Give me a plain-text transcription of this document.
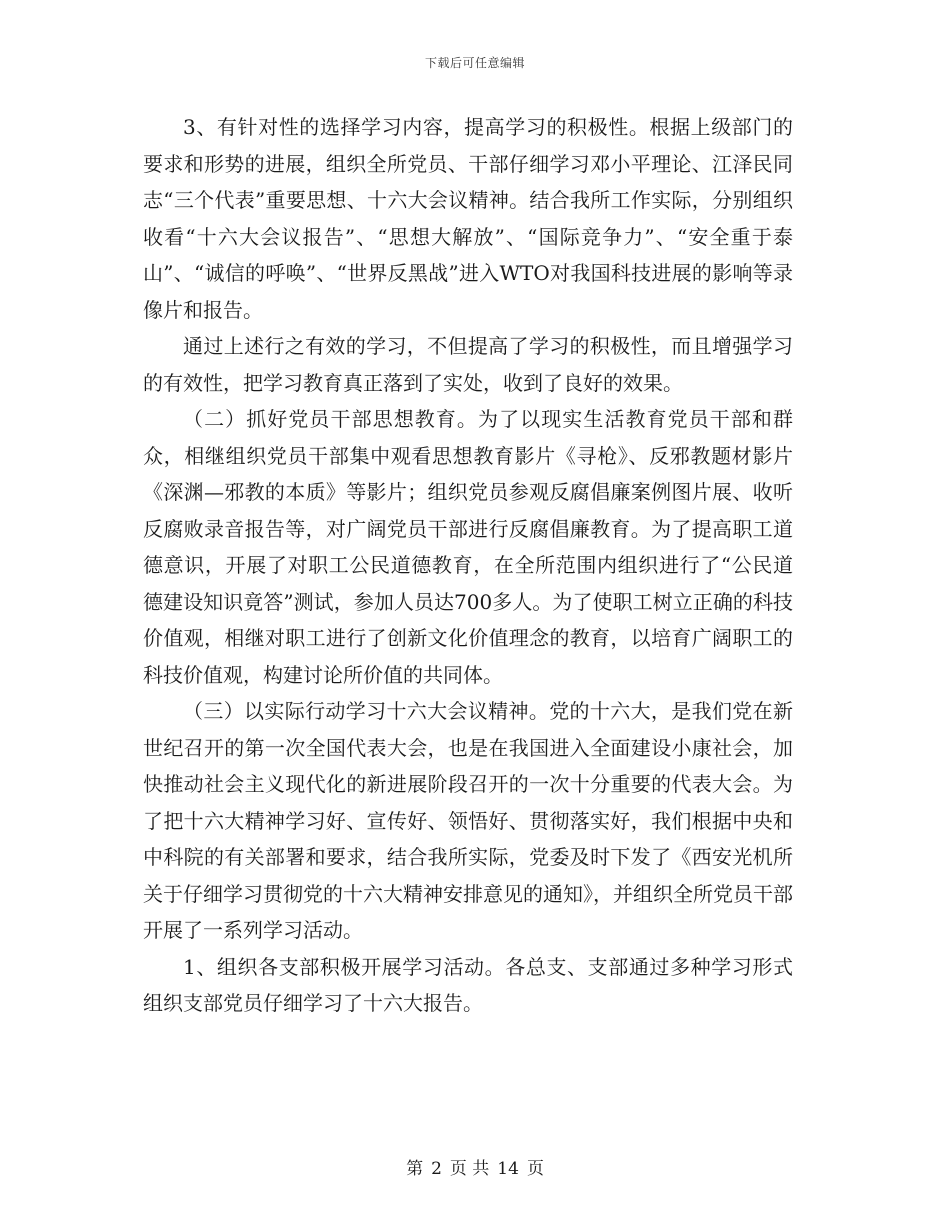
下载后可任意编辑

3、有针对性的选择学习内容，提高学习的积极性。根据上级部门的要求和形势的进展，组织全所党员、干部仔细学习邓小平理论、江泽民同志“三个代表”重要思想、十六大会议精神。结合我所工作实际，分别组织收看“十六大会议报告”、“思想大解放”、“国际竞争力”、“安全重于泰山”、“诚信的呼唤”、“世界反黑战”进入WTO对我国科技进展的影响等录像片和报告。

通过上述行之有效的学习，不但提高了学习的积极性，而且增强学习的有效性，把学习教育真正落到了实处，收到了良好的效果。

（二）抓好党员干部思想教育。为了以现实生活教育党员干部和群众，相继组织党员干部集中观看思想教育影片《寻枪》、反邪教题材影片《深渊—邪教的本质》等影片；组织党员参观反腐倡廉案例图片展、收听反腐败录音报告等，对广阔党员干部进行反腐倡廉教育。为了提高职工道德意识，开展了对职工公民道德教育，在全所范围内组织进行了“公民道德建设知识竟答”测试，参加人员达700多人。为了使职工树立正确的科技价值观，相继对职工进行了创新文化价值理念的教育，以培育广阔职工的科技价值观，构建讨论所价值的共同体。

（三）以实际行动学习十六大会议精神。党的十六大，是我们党在新世纪召开的第一次全国代表大会，也是在我国进入全面建设小康社会，加快推动社会主义现代化的新进展阶段召开的一次十分重要的代表大会。为了把十六大精神学习好、宣传好、领悟好、贯彻落实好，我们根据中央和中科院的有关部署和要求，结合我所实际，党委及时下发了《西安光机所关于仔细学习贯彻党的十六大精神安排意见的通知》，并组织全所党员干部开展了一系列学习活动。

1、组织各支部积极开展学习活动。各总支、支部通过多种学习形式组织支部党员仔细学习了十六大报告。

第 2 页 共 14 页
